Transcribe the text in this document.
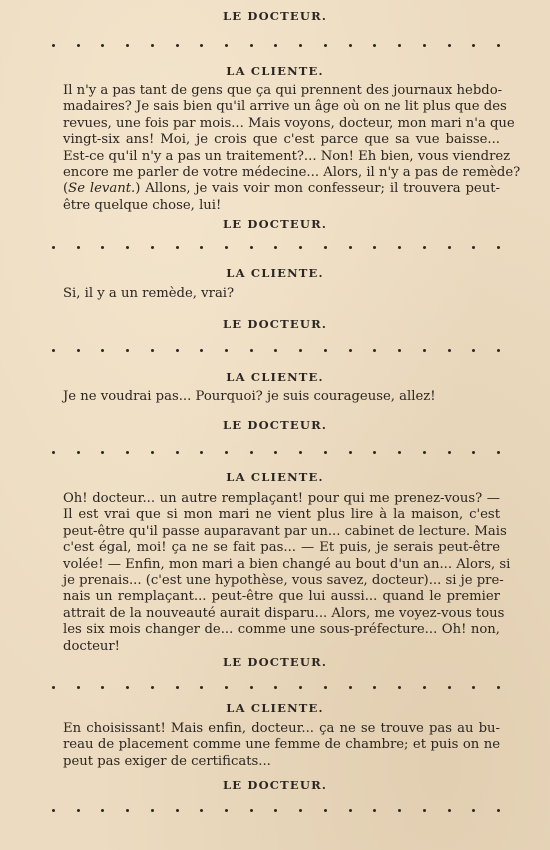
LE DOCTEUR.
LA CLIENTE.
Il n'y a pas tant de gens que ça qui prennent des journaux hebdo-
madaires? Je sais bien qu'il arrive un âge où on ne lit plus que des
revues, une fois par mois... Mais voyons, docteur, mon mari n'a que
vingt-six ans! Moi, je crois que c'est parce que sa vue baisse...
Est-ce qu'il n'y a pas un traitement?... Non! Eh bien, vous viendrez
encore me parler de votre médecine... Alors, il n'y a pas de remède?
(Se levant.) Allons, je vais voir mon confesseur; il trouvera peut-
être quelque chose, lui!
LE DOCTEUR.
LA CLIENTE.
Si, il y a un remède, vrai?
LE DOCTEUR.
LA CLIENTE.
Je ne voudrai pas... Pourquoi? je suis courageuse, allez!
LE DOCTEUR.
LA CLIENTE.
Oh! docteur... un autre remplaçant! pour qui me prenez-vous? —
Il est vrai que si mon mari ne vient plus lire à la maison, c'est
peut-être qu'il passe auparavant par un... cabinet de lecture. Mais
c'est égal, moi! ça ne se fait pas... — Et puis, je serais peut-être
volée! — Enfin, mon mari a bien changé au bout d'un an... Alors, si
je prenais... (c'est une hypothèse, vous savez, docteur)... si je pre-
nais un remplaçant... peut-être que lui aussi... quand le premier
attrait de la nouveauté aurait disparu... Alors, me voyez-vous tous
les six mois changer de... comme une sous-préfecture... Oh! non,
docteur!
LE DOCTEUR.
LA CLIENTE.
En choisissant! Mais enfin, docteur... ça ne se trouve pas au bu-
reau de placement comme une femme de chambre; et puis on ne
peut pas exiger de certificats...
LE DOCTEUR.
